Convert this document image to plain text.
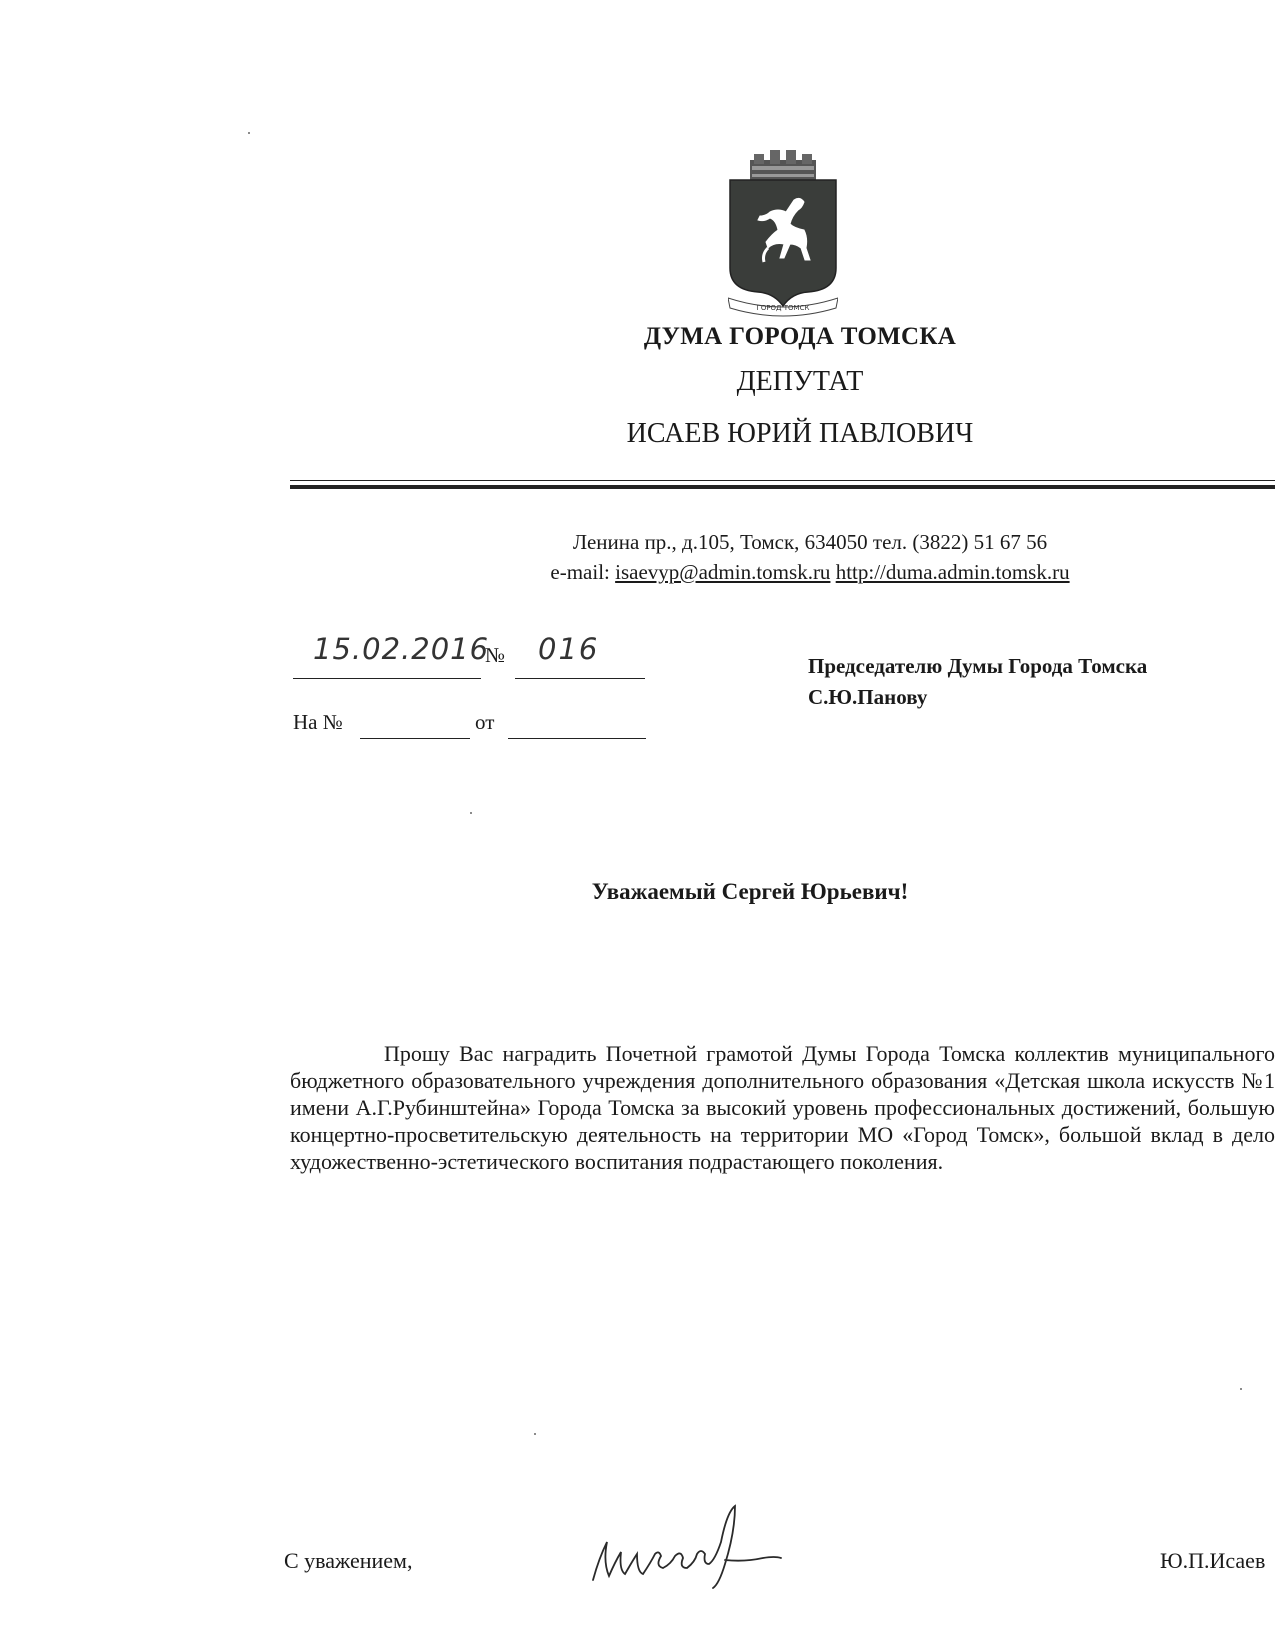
ГОРОД ТОМСК
ДУМА ГОРОДА ТОМСКА
ДЕПУТАТ
ИСАЕВ ЮРИЙ ПАВЛОВИЧ
Ленина пр., д.105, Томск, 634050 тел. (3822) 51 67 56
e-mail: isaevyp@admin.tomsk.ru http://duma.admin.tomsk.ru
15.02.2016
№ 016
На №	от
Председателю Думы Города Томска
С.Ю.Панову
Уважаемый Сергей Юрьевич!

Прошу Вас наградить Почетной грамотой Думы Города Томска коллектив муниципального бюджетного образовательного учреждения дополнительного образования «Детская школа искусств №1 имени А.Г.Рубинштейна» Города Томска за высокий уровень профессиональных достижений, большую концертно-просветительскую деятельность на территории МО «Город Томск», большой вклад в дело художественно-эстетического воспитания подрастающего поколения.

С уважением,	Ю.П.Исаев
